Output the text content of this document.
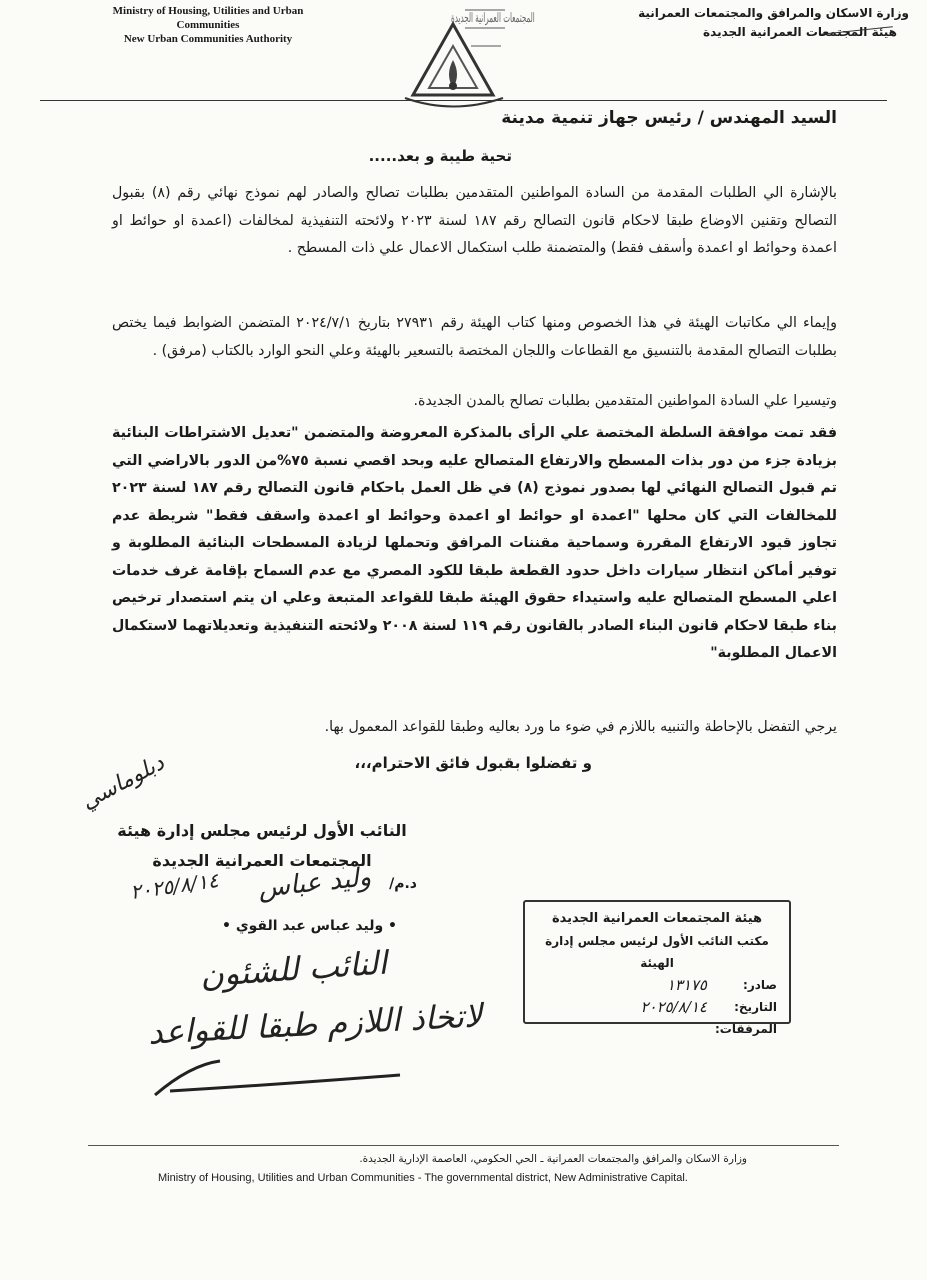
Ministry of Housing, Utilities and Urban
Communities
New Urban Communities Authority
المجتمعات العمرانية الجديدة	وزارة الاسكان والمرافق والمجتمعات العمرانية
هيئة المجتمعات العمرانية الجديدة
السيد المهندس / رئيس جهاز تنمية مدينة
تحية طيبة و بعد.....
بالإشارة الي الطلبات المقدمة من السادة المواطنين المتقدمين بطلبات تصالح والصادر لهم نموذج نهائي رقم (٨) بقبول التصالح وتقنين الاوضاع طبقا لاحكام قانون التصالح رقم ١٨٧ لسنة ٢٠٢٣ ولائحته التنفيذية لمخالفات (اعمدة او حوائط او اعمدة وحوائط او اعمدة وأسقف فقط) والمتضمنة طلب استكمال الاعمال علي ذات المسطح .
وإيماء الي مكاتبات الهيئة في هذا الخصوص ومنها كتاب الهيئة رقم ٢٧٩٣١ بتاريخ ٢٠٢٤/٧/١ المتضمن الضوابط فيما يختص بطلبات التصالح المقدمة بالتنسيق مع القطاعات واللجان المختصة بالتسعير بالهيئة وعلي النحو الوارد بالكتاب (مرفق) .
وتيسيرا علي السادة المواطنين المتقدمين بطلبات تصالح بالمدن الجديدة.
فقد تمت موافقة السلطة المختصة علي الرأى بالمذكرة المعروضة والمتضمن "تعديل الاشتراطات البنائية بزيادة جزء من دور بذات المسطح والارتفاع المتصالح عليه وبحد اقصي نسبة ٧٥%من الدور بالاراضي التي تم قبول التصالح النهائي لها بصدور نموذج (٨) في ظل العمل باحكام قانون التصالح رقم ١٨٧ لسنة ٢٠٢٣ للمخالفات التي كان محلها "اعمدة او حوائط او اعمدة وحوائط او اعمدة واسقف فقط" شريطة عدم تجاوز قيود الارتفاع المقررة وسماحية مقننات المرافق وتحملها لزيادة المسطحات البنائية المطلوبة و توفير أماكن انتظار سيارات داخل حدود القطعة طبقا للكود المصري مع عدم السماح بإقامة غرف خدمات اعلي المسطح المتصالح عليه واستيداء حقوق الهيئة طبقا للقواعد المتبعة وعلي ان يتم استصدار ترخيص بناء طبقا لاحكام قانون البناء الصادر بالقانون رقم ١١٩ لسنة ٢٠٠٨ ولائحته التنفيذية وتعديلاتهما لاستكمال الاعمال المطلوبة"
يرجي التفضل بالإحاطة والتنبيه باللازم في ضوء ما ورد بعاليه وطبقا للقواعد المعمول بها.
و تفضلوا بقبول فائق الاحترام،،،
دبلوماسي
النائب الأول لرئيس مجلس إدارة هيئة
المجتمعات العمرانية الجديدة
د.م/
وليد عباس
٢٠٢٥/٨/١٤
• وليد عباس عبد القوي •
النائب للشئون
لاتخاذ اللازم طبقا للقواعد
هيئة المجتمعات العمرانية الجديدة
مكتب النائب الأول لرئيس مجلس إدارة الهيئة
صادر:
١٣١٧٥
التاريخ:
٢٠٢٥/٨/١٤
المرفقات:
وزارة الاسكان والمرافق والمجتمعات العمرانية ـ الحي الحكومي، العاصمة الإدارية الجديدة.
Ministry of Housing, Utilities and Urban Communities - The governmental district, New Administrative Capital.
